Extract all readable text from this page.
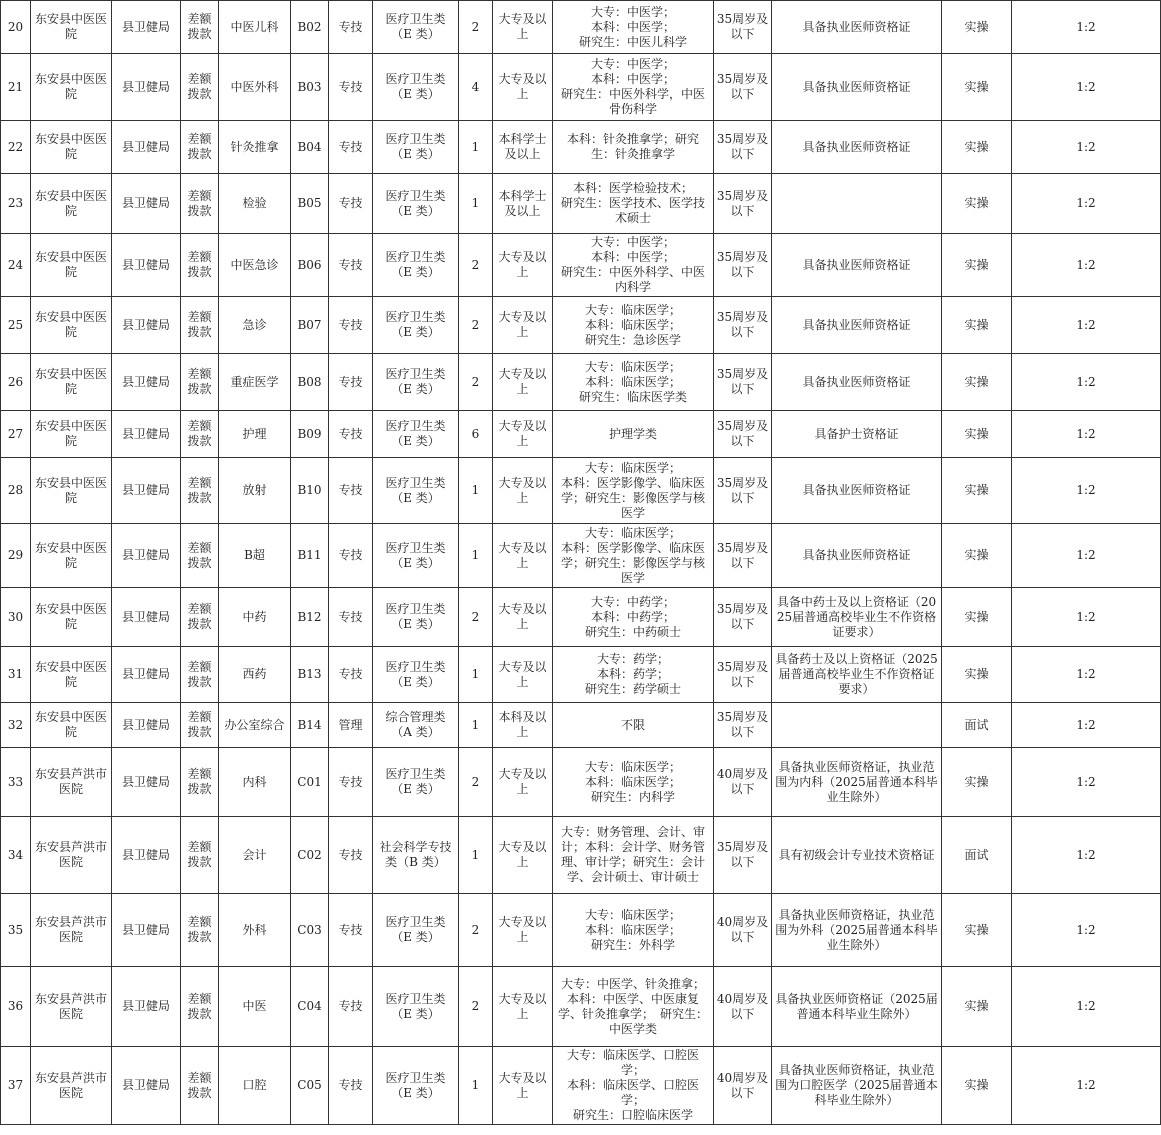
20	东安县中医医院	县卫健局	差额拨款	中医儿科	B02	专技	医疗卫生类
（E 类）	2	大专及以上	大专：中医学；
本科：中医学；
研究生：中医儿科学	35周岁及以下	具备执业医师资格证	实操	1:2
21	东安县中医医院	县卫健局	差额拨款	中医外科	B03	专技	医疗卫生类
（E 类）	4	大专及以上	大专：中医学；
本科：中医学；
研究生：中医外科学，中医骨伤科学	35周岁及以下	具备执业医师资格证	实操	1:2
22	东安县中医医院	县卫健局	差额拨款	针灸推拿	B04	专技	医疗卫生类
（E 类）	1	本科学士及以上	本科：针灸推拿学；研究生：针灸推拿学	35周岁及以下	具备执业医师资格证	实操	1:2
23	东安县中医医院	县卫健局	差额拨款	检验	B05	专技	医疗卫生类
（E 类）	1	本科学士及以上	本科：医学检验技术；
研究生：医学技术、医学技术硕士	35周岁及以下		实操	1:2
24	东安县中医医院	县卫健局	差额拨款	中医急诊	B06	专技	医疗卫生类
（E 类）	2	大专及以上	大专：中医学；
本科：中医学；
研究生：中医外科学、中医内科学	35周岁及以下	具备执业医师资格证	实操	1:2
25	东安县中医医院	县卫健局	差额拨款	急诊	B07	专技	医疗卫生类
（E 类）	2	大专及以上	大专：临床医学；
本科：临床医学；
研究生：急诊医学	35周岁及以下	具备执业医师资格证	实操	1:2
26	东安县中医医院	县卫健局	差额拨款	重症医学	B08	专技	医疗卫生类
（E 类）	2	大专及以上	大专：临床医学；
本科：临床医学；
研究生：临床医学类	35周岁及以下	具备执业医师资格证	实操	1:2
27	东安县中医医院	县卫健局	差额拨款	护理	B09	专技	医疗卫生类
（E 类）	6	大专及以上	护理学类	35周岁及以下	具备护士资格证	实操	1:2
28	东安县中医医院	县卫健局	差额拨款	放射	B10	专技	医疗卫生类
（E 类）	1	大专及以上	大专：临床医学；
本科：医学影像学、临床医学；研究生：影像医学与核医学	35周岁及以下	具备执业医师资格证	实操	1:2
29	东安县中医医院	县卫健局	差额拨款	B超	B11	专技	医疗卫生类
（E 类）	1	大专及以上	大专：临床医学；
本科：医学影像学、临床医学；研究生：影像医学与核医学	35周岁及以下	具备执业医师资格证	实操	1:2
30	东安县中医医院	县卫健局	差额拨款	中药	B12	专技	医疗卫生类
（E 类）	2	大专及以上	大专：中药学；
本科：中药学；
研究生：中药硕士	35周岁及以下	具备中药士及以上资格证（2025届普通高校毕业生不作资格证要求）	实操	1:2
31	东安县中医医院	县卫健局	差额拨款	西药	B13	专技	医疗卫生类
（E 类）	1	大专及以上	大专：药学；
本科：药学；
研究生：药学硕士	35周岁及以下	具备药士及以上资格证（2025届普通高校毕业生不作资格证要求）	实操	1:2
32	东安县中医医院	县卫健局	差额拨款	办公室综合	B14	管理	综合管理类
（A 类）	1	本科及以上	不限	35周岁及以下		面试	1:2
33	东安县芦洪市医院	县卫健局	差额拨款	内科	C01	专技	医疗卫生类
（E 类）	2	大专及以上	大专：临床医学；
本科：临床医学；
研究生：内科学	40周岁及以下	具备执业医师资格证，执业范围为内科（2025届普通本科毕业生除外）	实操	1:2
34	东安县芦洪市医院	县卫健局	差额拨款	会计	C02	专技	社会科学专技类（B 类）	1	大专及以上	大专：财务管理、会计、审计；本科：会计学、财务管理、审计学；研究生：会计学、会计硕士、审计硕士	35周岁及以下	具有初级会计专业技术资格证	面试	1:2
35	东安县芦洪市医院	县卫健局	差额拨款	外科	C03	专技	医疗卫生类
（E 类）	2	大专及以上	大专：临床医学；
本科：临床医学；
研究生：外科学	40周岁及以下	具备执业医师资格证，执业范围为外科（2025届普通本科毕业生除外）	实操	1:2
36	东安县芦洪市医院	县卫健局	差额拨款	中医	C04	专技	医疗卫生类
（E 类）	2	大专及以上	大专：中医学、针灸推拿；本科：中医学、中医康复学、针灸推拿学；　研究生：中医学类	40周岁及以下	具备执业医师资格证（2025届普通本科毕业生除外）	实操	1:2
37	东安县芦洪市医院	县卫健局	差额拨款	口腔	C05	专技	医疗卫生类
（E 类）	1	大专及以上	大专：临床医学、口腔医学；
本科：临床医学、口腔医学；
研究生：口腔临床医学	40周岁及以下	具备执业医师资格证，执业范围为口腔医学（2025届普通本科毕业生除外）	实操	1:2
